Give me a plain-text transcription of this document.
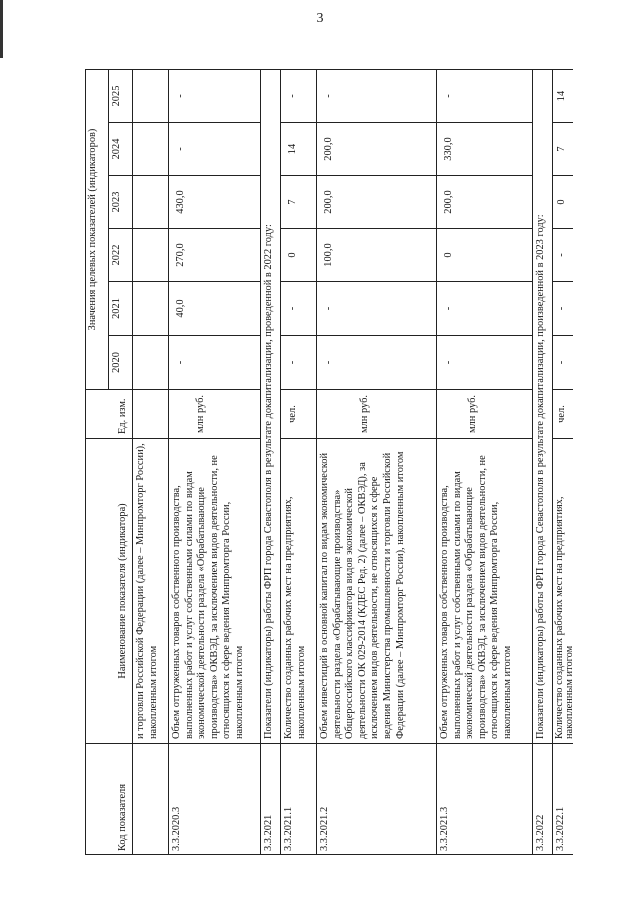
3
Код показателя
Наименование показателя (индикатора)
Ед. изм.
Значения целевых показателей (индикаторов)
2020
2021
2022
2023
2024
2025
и торговли Российской Федерации (далее – Минпромторг России), накопленным итогом
3.3.2020.3
Объем отгруженных товаров собственного производства, выполненных работ и услуг собственными силами по видам экономической деятельности раздела «Обрабатывающие производства» ОКВЭД, за исключением видов деятельности, не относящихся к сфере ведения Минпромторга России, накопленным итогом
млн руб.
-
40,0
270,0
430,0
-
-
3.3.2021
Показатели (индикаторы) работы ФРП города Севастополя в результате докапитализации, проведенной в 2022 году:
3.3.2021.1
Количество созданных рабочих мест на предприятиях, накопленным итогом
чел.
-
-
0
7
14
-
3.3.2021.2
Объем инвестиций в основной капитал по видам экономической деятельности раздела «Обрабатывающие производства» Общероссийского классификатора видов экономической деятельности ОК 029-2014 (КДЕС Ред. 2) (далее – ОКВЭД), за исключением видов деятельности, не относящихся к сфере ведения Министерства промышленности и торговли Российской Федерации (далее – Минпромторг России), накопленным итогом
млн руб.
-
-
100,0
200,0
200,0
-
3.3.2021.3
Объем отгруженных товаров собственного производства, выполненных работ и услуг собственными силами по видам экономической деятельности раздела «Обрабатывающие производства» ОКВЭД, за исключением видов деятельности, не относящихся к сфере ведения Минпромторга России, накопленным итогом
млн руб.
-
-
0
200,0
330,0
-
3.3.2022
Показатели (индикаторы) работы ФРП города Севастополя в результате докапитализации, произведенной в 2023 году:
3.3.2022.1
Количество созданных рабочих мест на предприятиях, накопленным итогом
чел.
-
-
-
0
7
14
